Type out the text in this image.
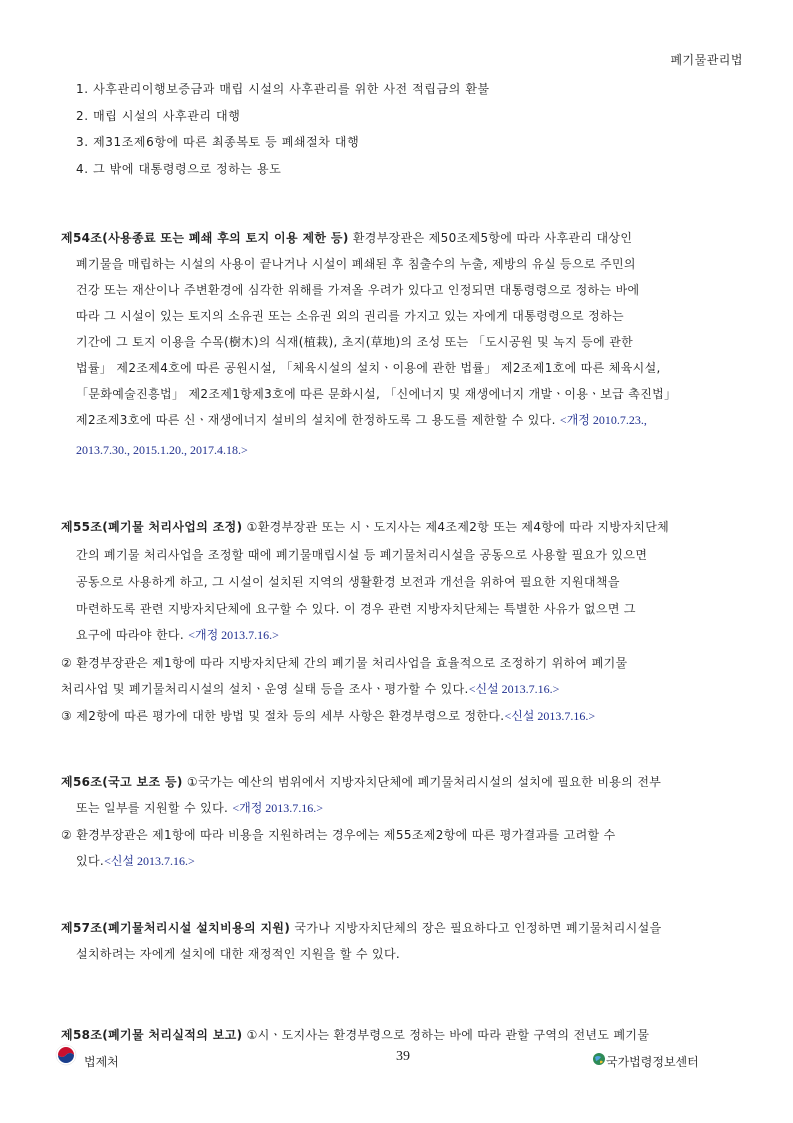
폐기물관리법
1. 사후관리이행보증금과 매립 시설의 사후관리를 위한 사전 적립금의 환불
2. 매립 시설의 사후관리 대행
3. 제31조제6항에 따른 최종복토 등 폐쇄절차 대행
4. 그 밖에 대통령령으로 정하는 용도
제54조(사용종료 또는 폐쇄 후의 토지 이용 제한 등) 환경부장관은 제50조제5항에 따라 사후관리 대상인
폐기물을 매립하는 시설의 사용이 끝나거나 시설이 폐쇄된 후 침출수의 누출, 제방의 유실 등으로 주민의
건강 또는 재산이나 주변환경에 심각한 위해를 가져올 우려가 있다고 인정되면 대통령령으로 정하는 바에
따라 그 시설이 있는 토지의 소유권 또는 소유권 외의 권리를 가지고 있는 자에게 대통령령으로 정하는
기간에 그 토지 이용을 수목(樹木)의 식재(植栽), 초지(草地)의 조성 또는 「도시공원 및 녹지 등에 관한
법률」 제2조제4호에 따른 공원시설, 「체육시설의 설치ㆍ이용에 관한 법률」 제2조제1호에 따른 체육시설,
「문화예술진흥법」 제2조제1항제3호에 따른 문화시설, 「신에너지 및 재생에너지 개발ㆍ이용ㆍ보급 촉진법」
제2조제3호에 따른 신ㆍ재생에너지 설비의 설치에 한정하도록 그 용도를 제한할 수 있다. <개정 2010.7.23.,
2013.7.30., 2015.1.20., 2017.4.18.>
제55조(폐기물 처리사업의 조정) ①환경부장관 또는 시ㆍ도지사는 제4조제2항 또는 제4항에 따라 지방자치단체
간의 폐기물 처리사업을 조정할 때에 폐기물매립시설 등 폐기물처리시설을 공동으로 사용할 필요가 있으면
공동으로 사용하게 하고, 그 시설이 설치된 지역의 생활환경 보전과 개선을 위하여 필요한 지원대책을
마련하도록 관련 지방자치단체에 요구할 수 있다. 이 경우 관련 지방자치단체는 특별한 사유가 없으면 그
요구에 따라야 한다. <개정 2013.7.16.>
② 환경부장관은 제1항에 따라 지방자치단체 간의 폐기물 처리사업을 효율적으로 조정하기 위하여 폐기물
처리사업 및 폐기물처리시설의 설치ㆍ운영 실태 등을 조사ㆍ평가할 수 있다.<신설 2013.7.16.>
③ 제2항에 따른 평가에 대한 방법 및 절차 등의 세부 사항은 환경부령으로 정한다.<신설 2013.7.16.>
제56조(국고 보조 등) ①국가는 예산의 범위에서 지방자치단체에 폐기물처리시설의 설치에 필요한 비용의 전부
또는 일부를 지원할 수 있다. <개정 2013.7.16.>
② 환경부장관은 제1항에 따라 비용을 지원하려는 경우에는 제55조제2항에 따른 평가결과를 고려할 수
있다.<신설 2013.7.16.>
제57조(폐기물처리시설 설치비용의 지원) 국가나 지방자치단체의 장은 필요하다고 인정하면 폐기물처리시설을
설치하려는 자에게 설치에 대한 재정적인 지원을 할 수 있다.
제58조(폐기물 처리실적의 보고) ①시ㆍ도지사는 환경부령으로 정하는 바에 따라 관할 구역의 전년도 폐기물
법제처	39	국가법령정보센터
